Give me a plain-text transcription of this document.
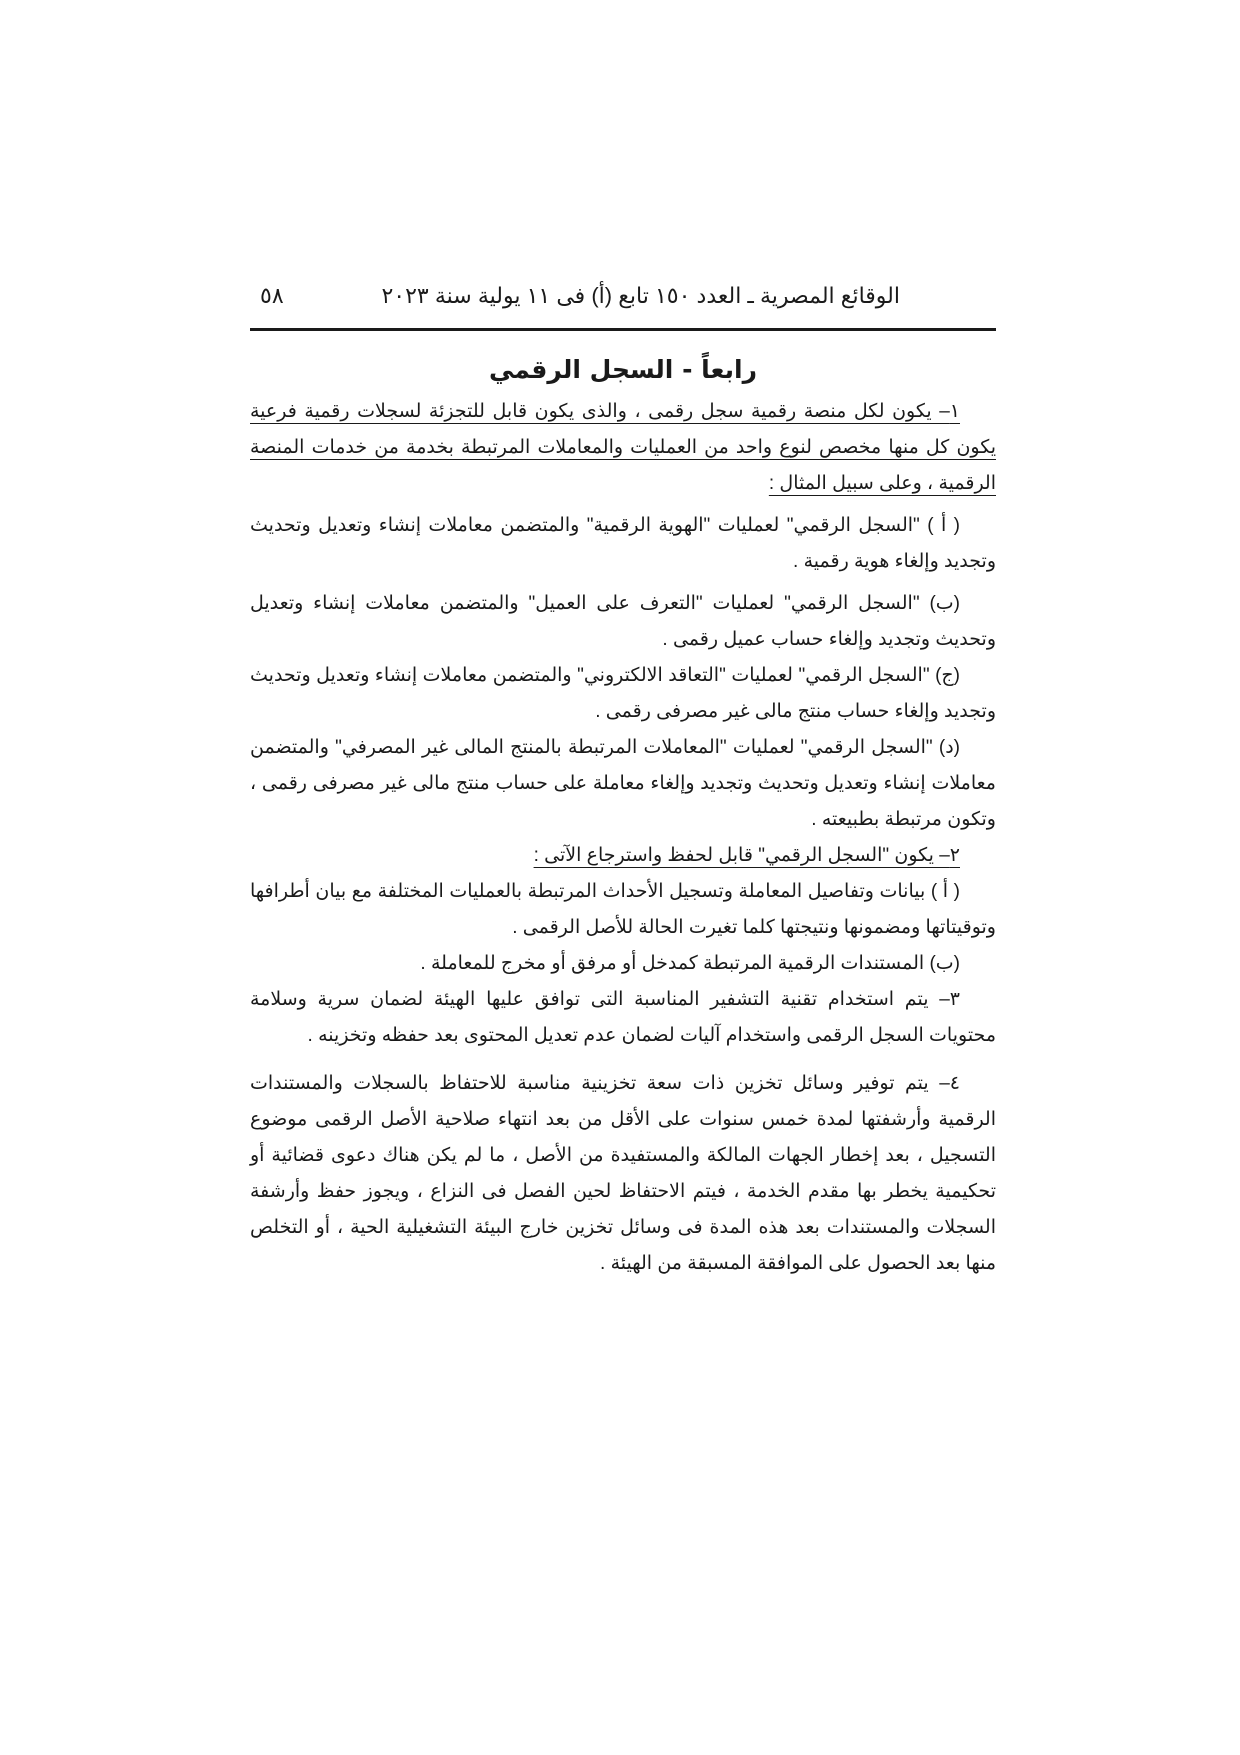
الوقائع المصرية ـ العدد ١٥٠ تابع (أ) فى ١١ يولية سنة ٢٠٢٣
٥٨
رابعاً - السجل الرقمي

١– يكون لكل منصة رقمية سجل رقمى ، والذى يكون قابل للتجزئة لسجلات رقمية فرعية يكون كل منها مخصص لنوع واحد من العمليات والمعاملات المرتبطة بخدمة من خدمات المنصة الرقمية ، وعلى سبيل المثال :

( أ ) "السجل الرقمي" لعمليات "الهوية الرقمية" والمتضمن معاملات إنشاء وتعديل وتحديث وتجديد وإلغاء هوية رقمية .

(ب) "السجل الرقمي" لعمليات "التعرف على العميل" والمتضمن معاملات إنشاء وتعديل وتحديث وتجديد وإلغاء حساب عميل رقمى .

(ج) "السجل الرقمي" لعمليات "التعاقد الالكتروني" والمتضمن معاملات إنشاء وتعديل وتحديث وتجديد وإلغاء حساب منتج مالى غير مصرفى رقمى .

(د) "السجل الرقمي" لعمليات "المعاملات المرتبطة بالمنتج المالى غير المصرفي" والمتضمن معاملات إنشاء وتعديل وتحديث وتجديد وإلغاء معاملة على حساب منتج مالى غير مصرفى رقمى ، وتكون مرتبطة بطبيعته .

٢– يكون "السجل الرقمي" قابل لحفظ واسترجاع الآتى :

( أ ) بيانات وتفاصيل المعاملة وتسجيل الأحداث المرتبطة بالعمليات المختلفة مع بيان أطرافها وتوقيتاتها ومضمونها ونتيجتها كلما تغيرت الحالة للأصل الرقمى .

(ب) المستندات الرقمية المرتبطة كمدخل أو مرفق أو مخرج للمعاملة .

٣– يتم استخدام تقنية التشفير المناسبة التى توافق عليها الهيئة لضمان سرية وسلامة محتويات السجل الرقمى واستخدام آليات لضمان عدم تعديل المحتوى بعد حفظه وتخزينه .

٤– يتم توفير وسائل تخزين ذات سعة تخزينية مناسبة للاحتفاظ بالسجلات والمستندات الرقمية وأرشفتها لمدة خمس سنوات على الأقل من بعد انتهاء صلاحية الأصل الرقمى موضوع التسجيل ، بعد إخطار الجهات المالكة والمستفيدة من الأصل ، ما لم يكن هناك دعوى قضائية أو تحكيمية يخطر بها مقدم الخدمة ، فيتم الاحتفاظ لحين الفصل فى النزاع ، ويجوز حفظ وأرشفة السجلات والمستندات بعد هذه المدة فى وسائل تخزين خارج البيئة التشغيلية الحية ، أو التخلص منها بعد الحصول على الموافقة المسبقة من الهيئة .
